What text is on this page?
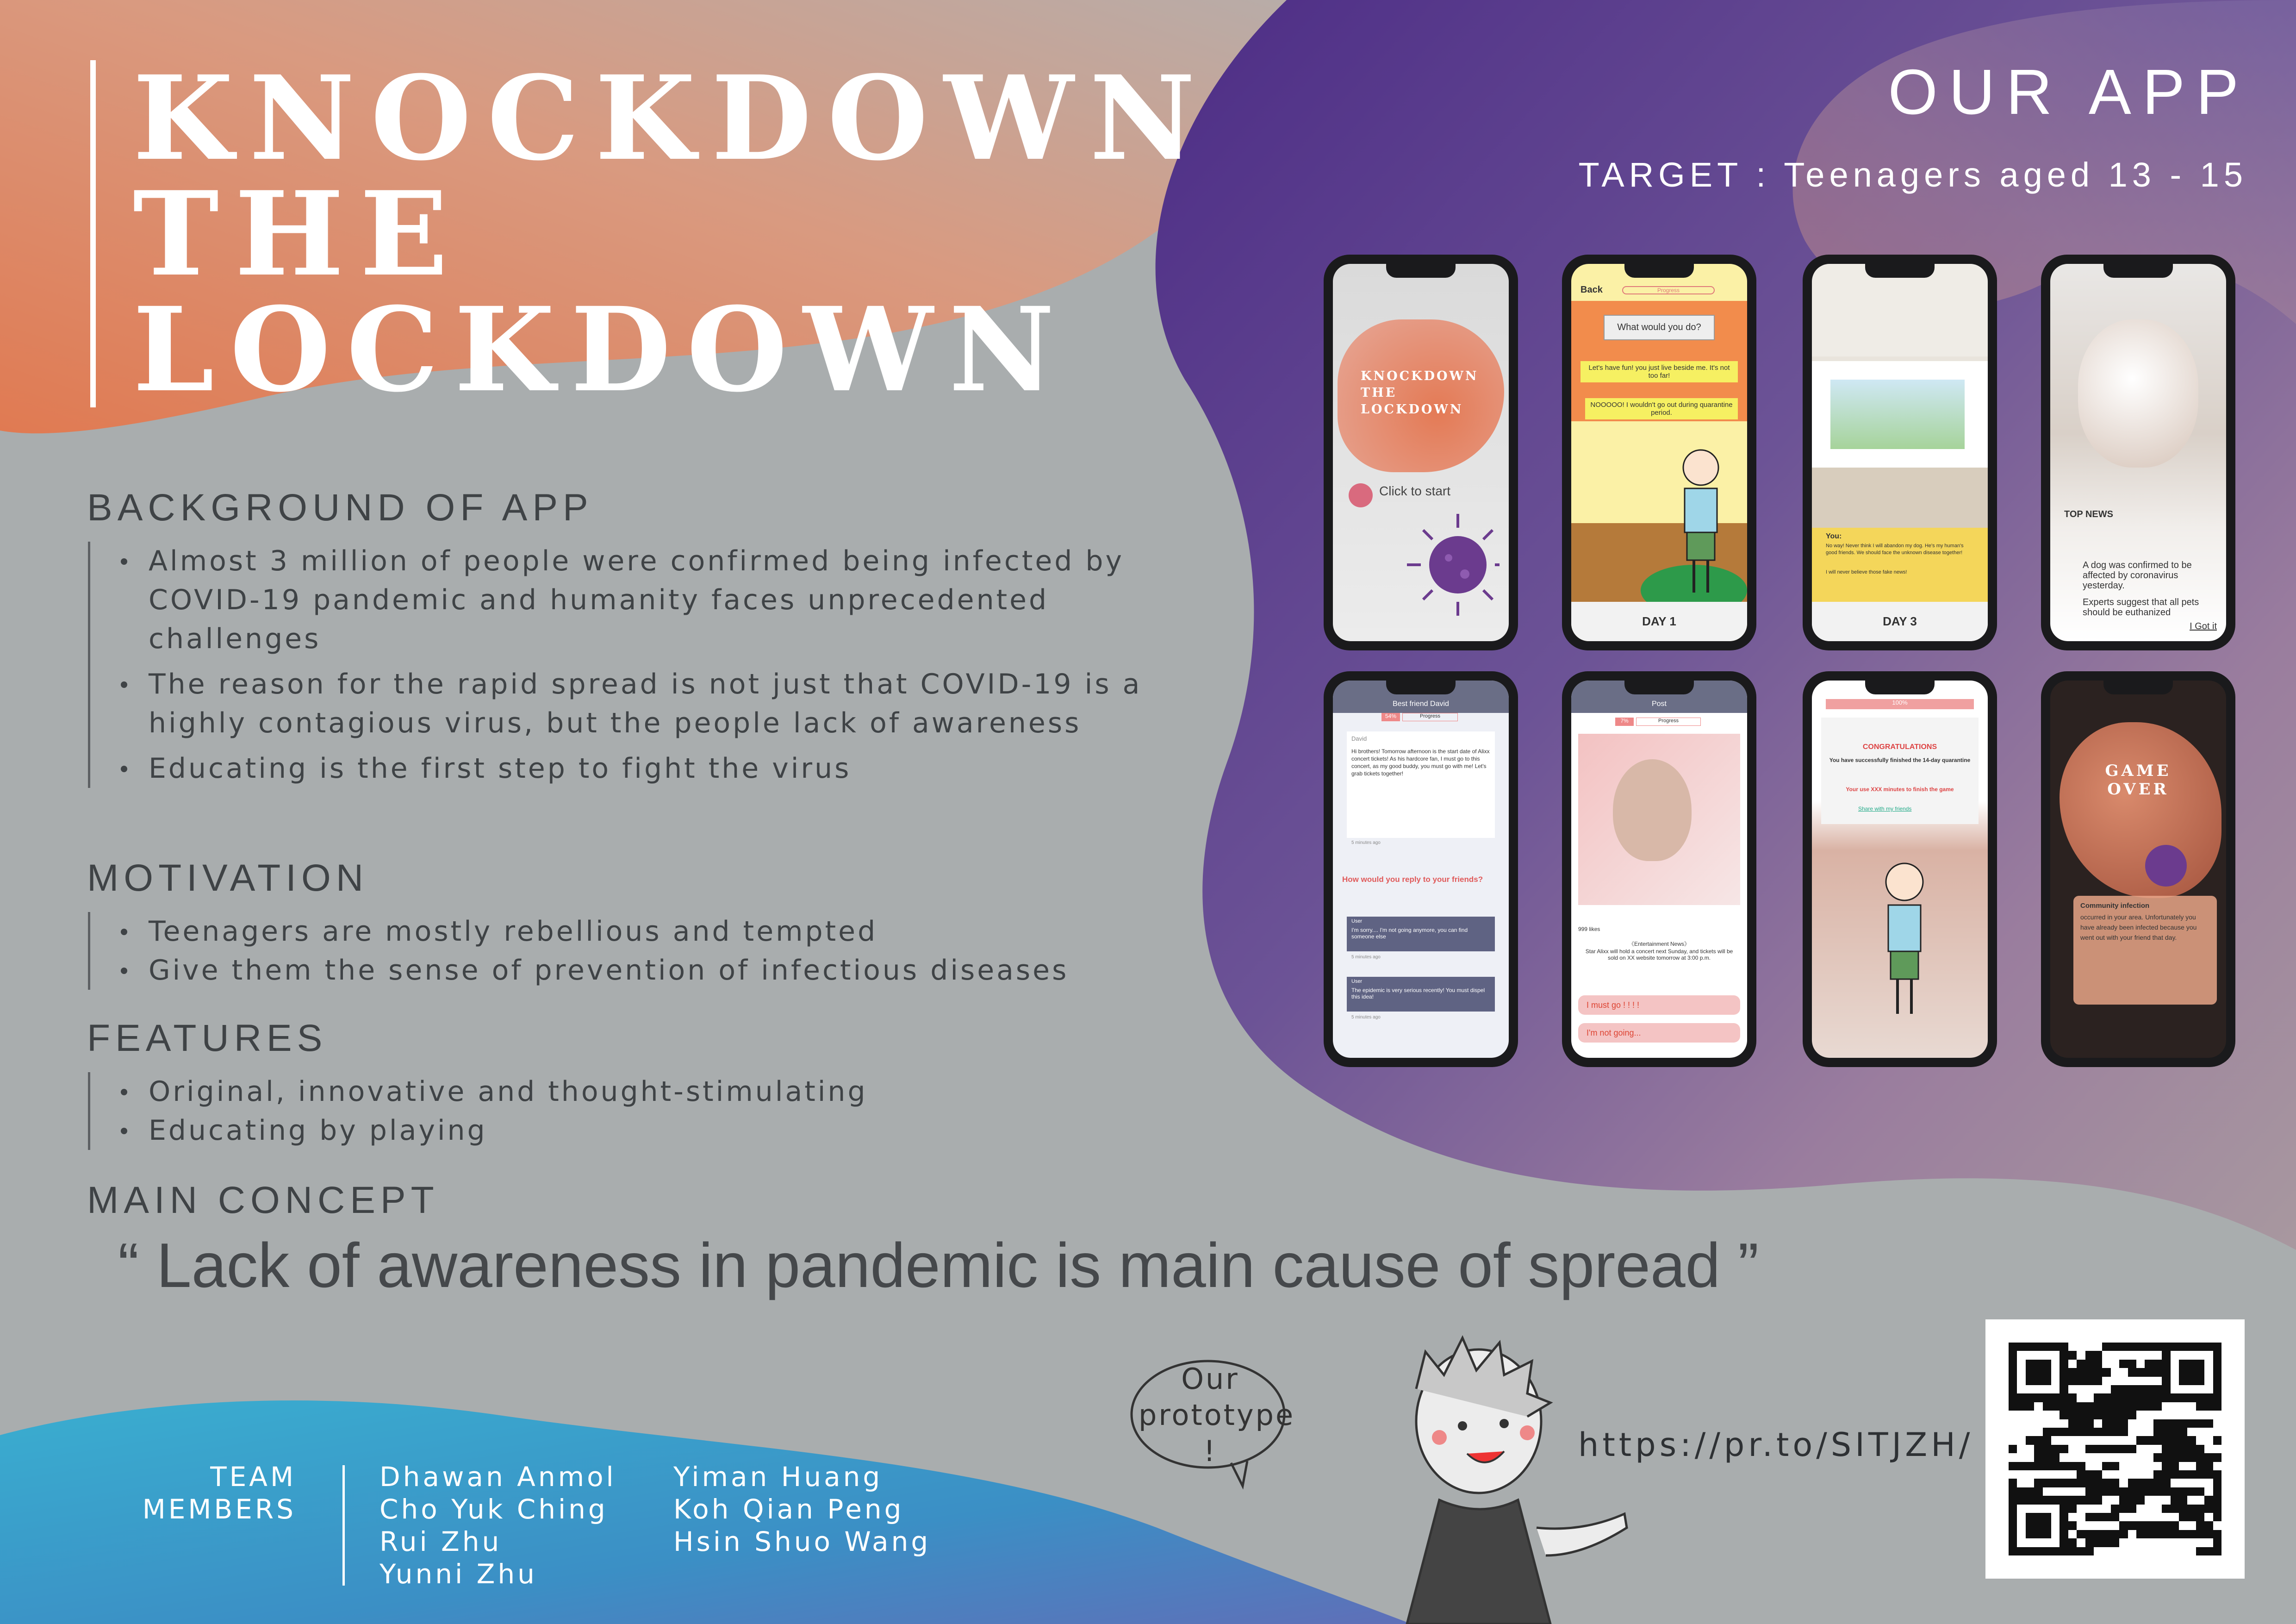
KNOCKDOWN
THE
LOCKDOWN
OUR APP
TARGET : Teenagers aged 13 - 15
BACKGROUND OF APP
Almost 3 million of people were confirmed being infected by COVID-19 pandemic and humanity faces unprecedented challenges
The reason for the rapid spread is not just that COVID-19 is a highly contagious virus, but the people lack of awareness
Educating is the first step to fight the virus
MOTIVATION
Teenagers are mostly rebellious and tempted
Give them the sense of prevention of infectious diseases
FEATURES
Original, innovative and thought-stimulating
Educating by playing
MAIN CONCEPT
“ Lack of awareness in pandemic is main cause of spread ”
KNOCKDOWN
THE
LOCKDOWN
Click to start
Back	Progress
What would you do?
Let's have fun! you just live beside me. It's not too far!
NOOOOO! I wouldn't go out during quarantine period.
DAY 1
You:
No way! Never think I will abandon my dog. He's my human's good friends. We should face the unknown disease together!
I will never believe those fake news!
DAY 3
TOP NEWS
A dog was confirmed to be affected by coronavirus yesterday.
Experts suggest that all pets should be euthanized
I Got it
Best friend David
54%	Progress
David
Hi brothers! Tomorrow afternoon is the start date of Alixx concert tickets! As his hardcore fan, I must go to this concert, as my good buddy, you must go with me! Let's grab tickets together!
5 minutes ago
How would you reply to your friends?
User
I'm sorry.... I'm not going anymore, you can find someone else
5 minutes ago
User
The epidemic is very serious recently! You must dispel this idea!
5 minutes ago
Post
7%	Progress
999 likes
《Entertainment News》
Star Alixx will hold a concert next Sunday, and tickets will be sold on XX website tomorrow at 3:00 p.m.
I must go ! ! ! !
I'm not going...
100%
CONGRATULATIONS
You have successfully finished the 14-day quarantine
Your use XXX minutes to finish the game
Share with my friends
GAME
OVER
Community infection
occurred in your area. Unfortunately you have already been infected because you went out with your friend that day.
Our
prototype !	https://pr.to/SITJZH/
TEAM
MEMBERS
Dhawan Anmol
Cho Yuk Ching
Rui Zhu
Yunni Zhu
Yiman Huang
Koh Qian Peng
Hsin Shuo Wang
